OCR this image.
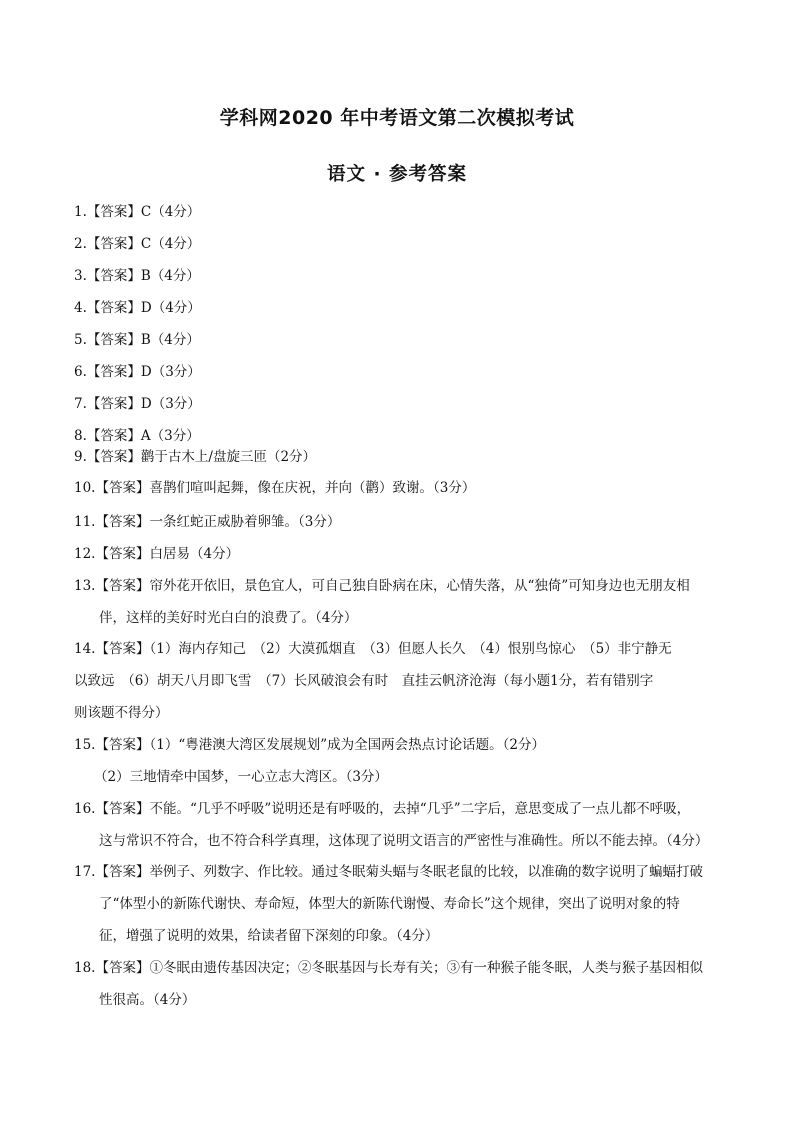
学科网2020 年中考语文第二次模拟考试
语文 · 参考答案
1.【答案】C（4分）
2.【答案】C（4分）
3.【答案】B（4分）
4.【答案】D（4分）
5.【答案】B（4分）
6.【答案】D（3分）
7.【答案】D（3分）
8.【答案】A（3分）
9.【答案】鹳于古木上/盘旋三匝（2分）
10.【答案】喜鹊们喧叫起舞，像在庆祝，并向（鹳）致谢。（3分）
11.【答案】一条红蛇正威胁着卵雏。（3分）
12.【答案】白居易（4分）
13.【答案】帘外花开依旧，景色宜人，可自己独自卧病在床，心情失落，从“独倚”可知身边也无朋友相
伴，这样的美好时光白白的浪费了。（4分）
14.【答案】（1）海内存知己　（2）大漠孤烟直　（3）但愿人长久　（4）恨别鸟惊心　（5）非宁静无
以致远　（6）胡天八月即飞雪　（7）长风破浪会有时　直挂云帆济沧海（每小题1分，若有错别字
则该题不得分）
15.【答案】（1）“粤港澳大湾区发展规划”成为全国两会热点讨论话题。（2分）
（2）三地情牵中国梦，一心立志大湾区。（3分）
16.【答案】不能。“几乎不呼吸”说明还是有呼吸的，去掉“几乎”二字后，意思变成了一点儿都不呼吸，
这与常识不符合，也不符合科学真理，这体现了说明文语言的严密性与准确性。所以不能去掉。（4分）
17.【答案】举例子、列数字、作比较。通过冬眠菊头蝠与冬眠老鼠的比较，以准确的数字说明了蝙蝠打破
了“体型小的新陈代谢快、寿命短，体型大的新陈代谢慢、寿命长”这个规律，突出了说明对象的特
征，增强了说明的效果，给读者留下深刻的印象。（4分）
18.【答案】①冬眠由遗传基因决定；②冬眠基因与长寿有关；③有一种猴子能冬眠，人类与猴子基因相似
性很高。（4分）
